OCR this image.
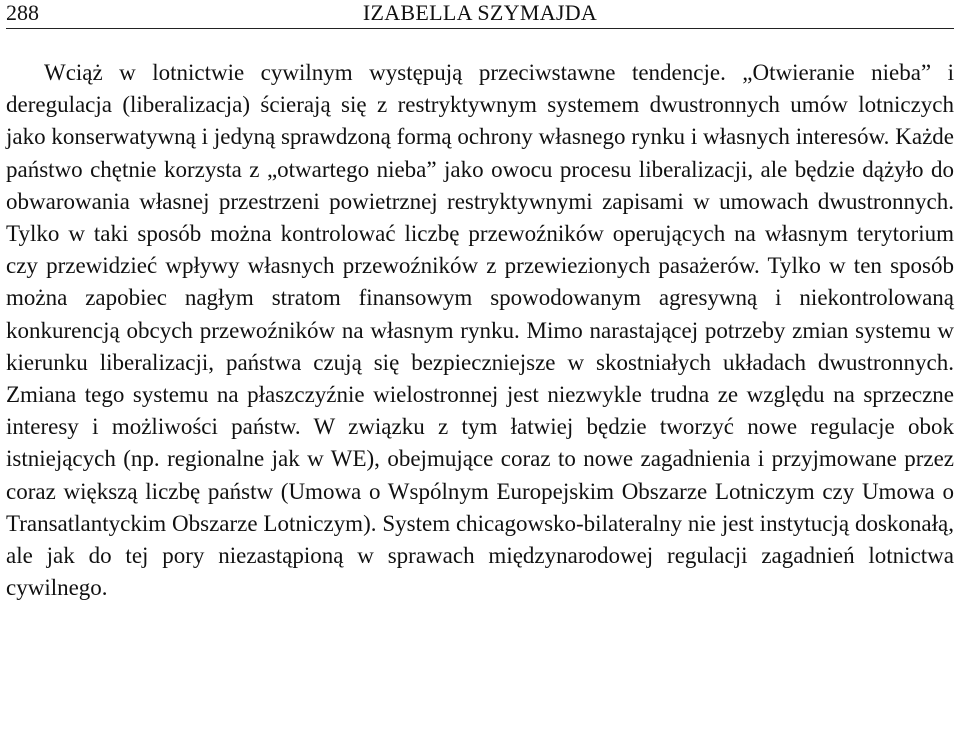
288	IZABELLA SZYMAJDA

Wciąż w lotnictwie cywilnym występują przeciwstawne tendencje. „Otwieranie nieba” i deregulacja (liberalizacja) ścierają się z restryktywnym systemem dwustronnych umów lotniczych jako konserwatywną i jedyną sprawdzoną formą ochrony własnego rynku i własnych interesów. Każde państwo chętnie korzysta z „otwartego nieba” jako owocu procesu liberalizacji, ale będzie dążyło do obwarowania własnej przestrzeni powietrznej restryktywnymi zapisami w umowach dwustronnych. Tylko w taki sposób można kontrolować liczbę przewoźników operujących na własnym terytorium czy przewidzieć wpływy własnych przewoźników z przewiezionych pasażerów. Tylko w ten sposób można zapobiec nagłym stratom finansowym spowodowanym agresywną i niekontrolowaną konkurencją obcych przewoźników na własnym rynku. Mimo narastającej potrzeby zmian systemu w kierunku liberalizacji, państwa czują się bezpieczniejsze w skostniałych układach dwustronnych. Zmiana tego systemu na płaszczyźnie wielostronnej jest niezwykle trudna ze względu na sprzeczne interesy i możliwości państw. W związku z tym łatwiej będzie tworzyć nowe regulacje obok istniejących (np. regionalne jak w WE), obejmujące coraz to nowe zagadnienia i przyjmowane przez coraz większą liczbę państw (Umowa o Wspólnym Europejskim Obszarze Lotniczym czy Umowa o Transatlantyckim Obszarze Lotniczym). System chicagowsko-bilateralny nie jest instytucją doskonałą, ale jak do tej pory niezastąpioną w sprawach międzynarodowej regulacji zagadnień lotnictwa cywilnego.
